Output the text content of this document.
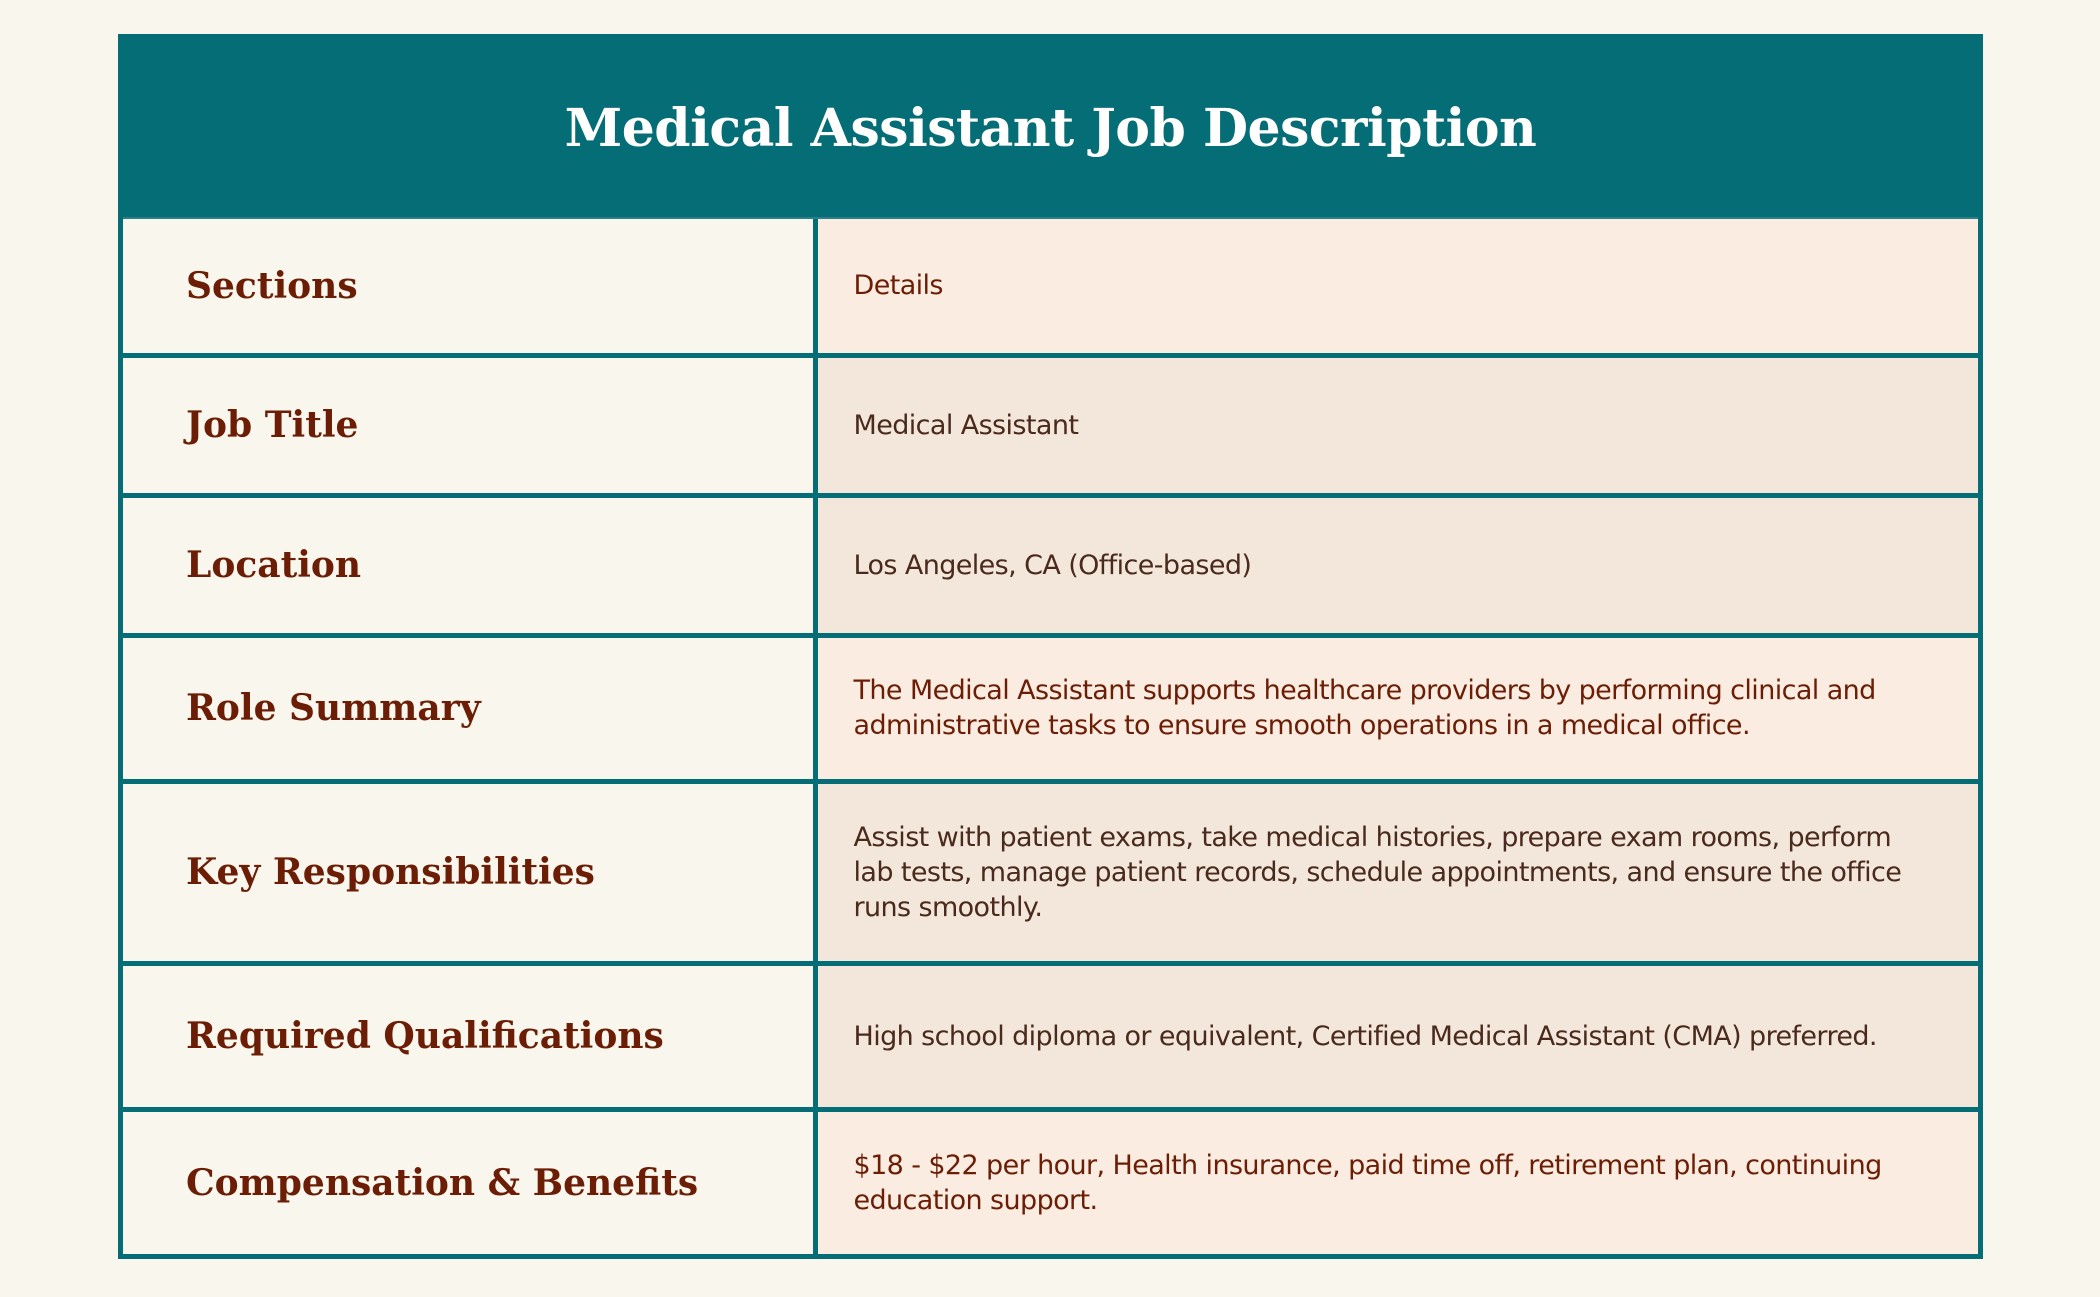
Medical Assistant Job Description
Sections	Details
Job Title	Medical Assistant
Location	Los Angeles, CA (Office-based)
Role Summary	The Medical Assistant supports healthcare providers by performing clinical and administrative tasks to ensure smooth operations in a medical office.
Key Responsibilities	Assist with patient exams, take medical histories, prepare exam rooms, perform lab tests, manage patient records, schedule appointments, and ensure the office runs smoothly.
Required Qualifications	High school diploma or equivalent, Certified Medical Assistant (CMA) preferred.
Compensation & Benefits	$18 - $22 per hour, Health insurance, paid time off, retirement plan, continuing education support.
